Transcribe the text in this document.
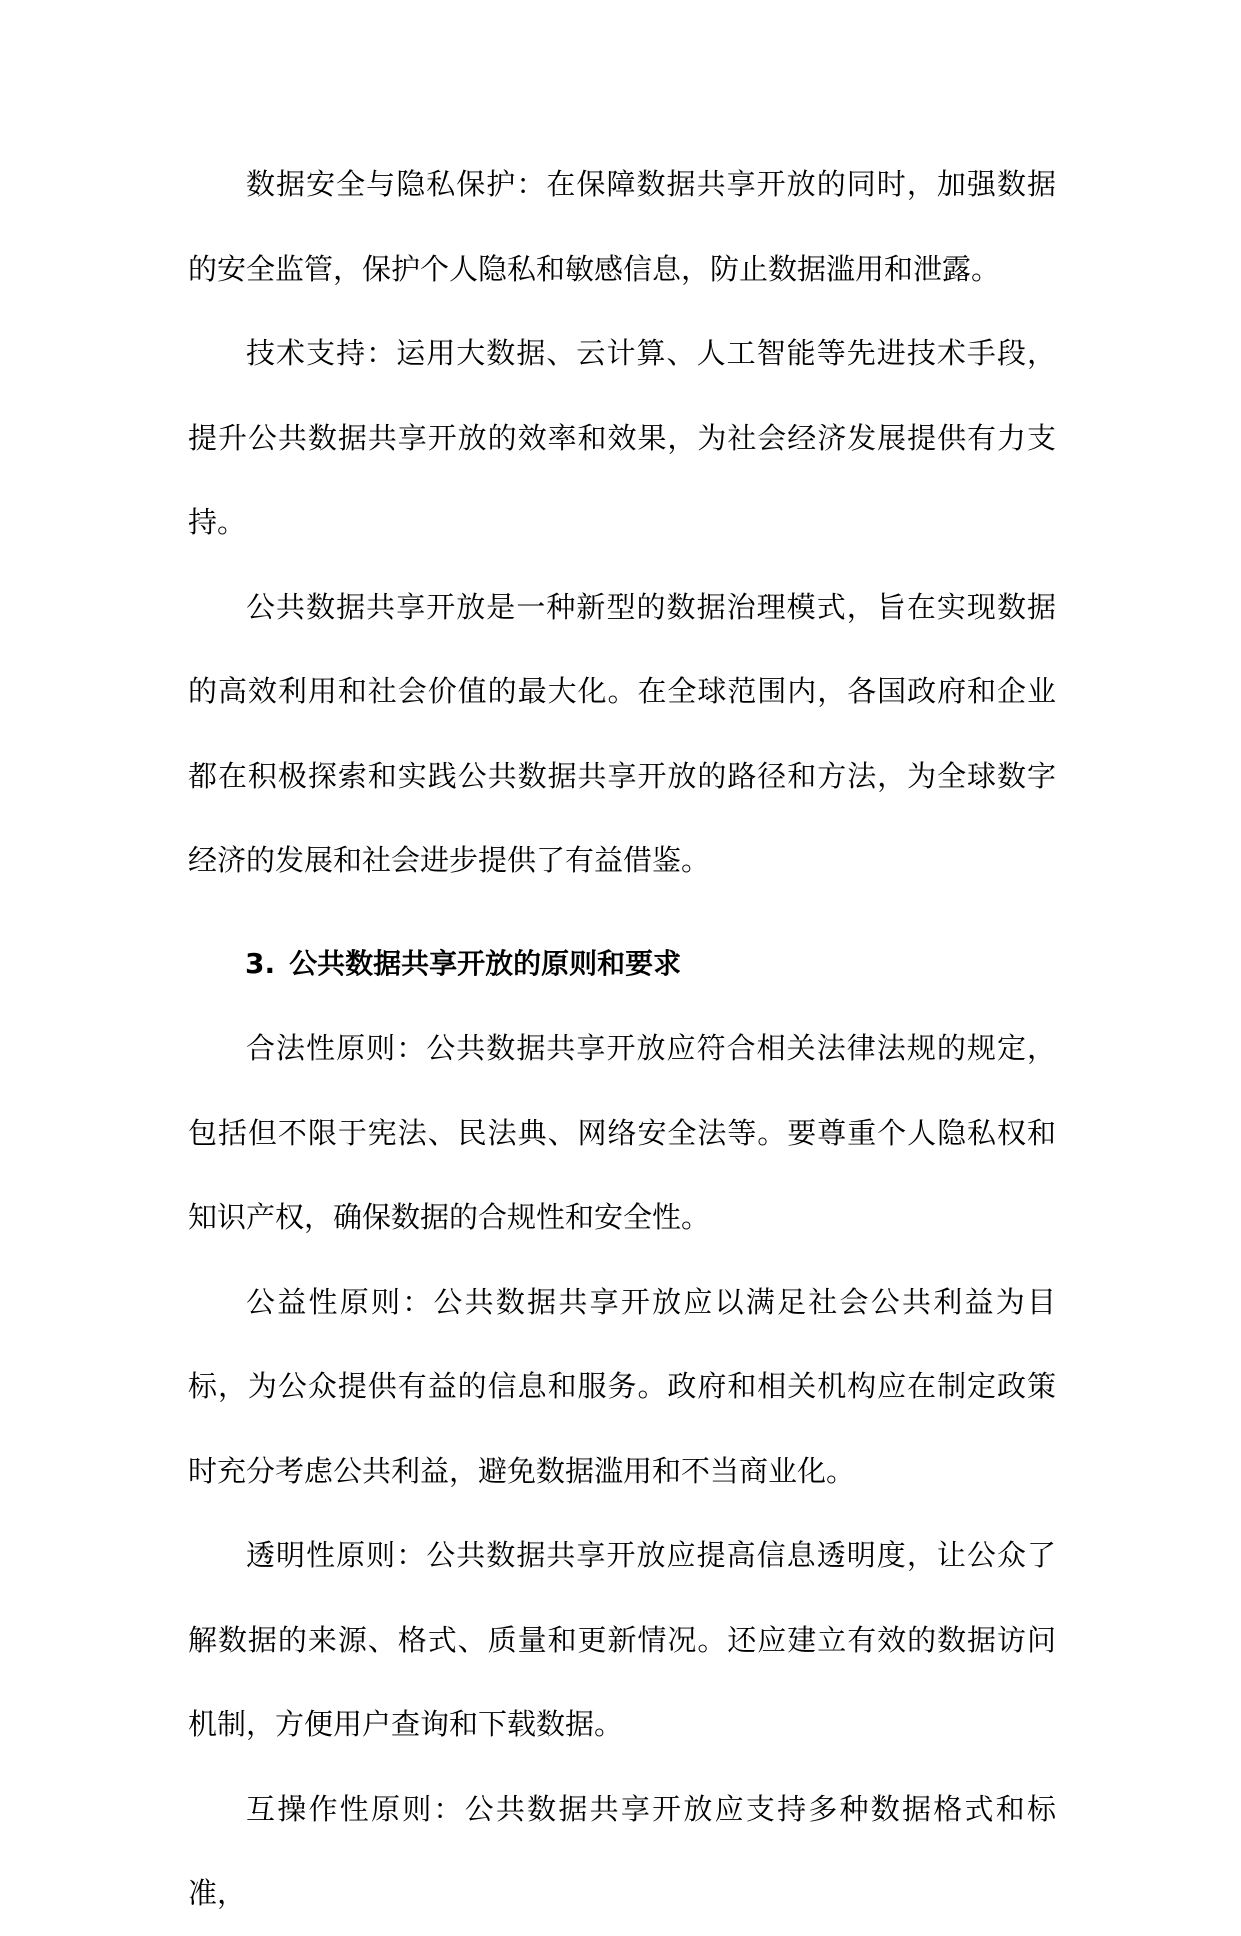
数据安全与隐私保护：在保障数据共享开放的同时，加强数据的安全监管，保护个人隐私和敏感信息，防止数据滥用和泄露。

技术支持：运用大数据、云计算、人工智能等先进技术手段，提升公共数据共享开放的效率和效果，为社会经济发展提供有力支持。

公共数据共享开放是一种新型的数据治理模式，旨在实现数据的高效利用和社会价值的最大化。在全球范围内，各国政府和企业都在积极探索和实践公共数据共享开放的路径和方法，为全球数字经济的发展和社会进步提供了有益借鉴。

3. 公共数据共享开放的原则和要求

合法性原则：公共数据共享开放应符合相关法律法规的规定，包括但不限于宪法、民法典、网络安全法等。要尊重个人隐私权和知识产权，确保数据的合规性和安全性。

公益性原则：公共数据共享开放应以满足社会公共利益为目标，为公众提供有益的信息和服务。政府和相关机构应在制定政策时充分考虑公共利益，避免数据滥用和不当商业化。

透明性原则：公共数据共享开放应提高信息透明度，让公众了解数据的来源、格式、质量和更新情况。还应建立有效的数据访问机制，方便用户查询和下载数据。

互操作性原则：公共数据共享开放应支持多种数据格式和标准，
